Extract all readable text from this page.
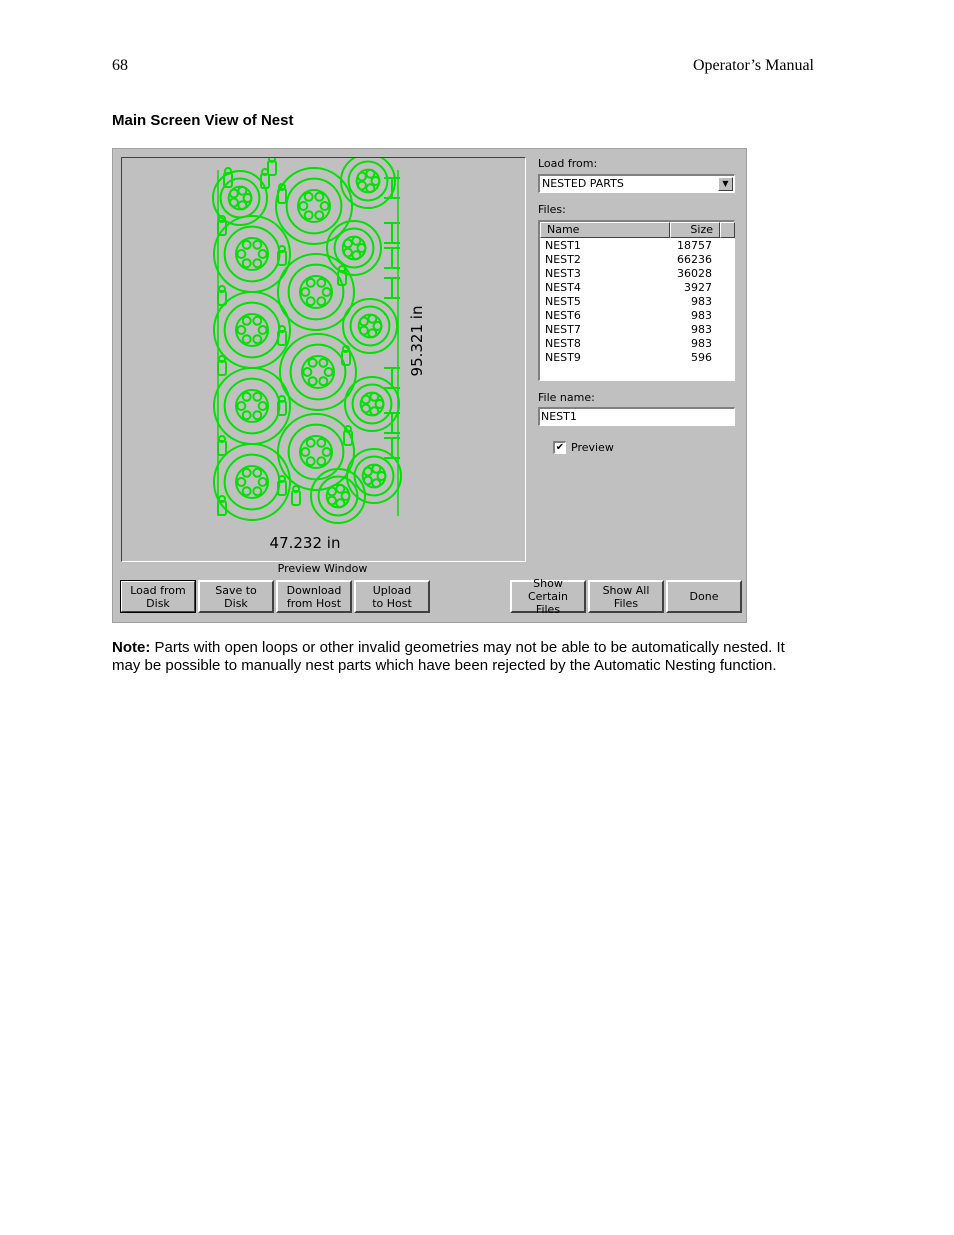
68	Operator’s Manual
Main Screen View of Nest
95.321 in
47.232 in
Preview Window
Load from
Disk
Save to
Disk
Download
from Host
Upload
to Host
Show Certain
Files
Show All
Files	Done
Load from:
NESTED PARTS	▼
Files:
Name	Size
NEST1	18757
NEST2	66236
NEST3	36028
NEST4	3927
NEST5	983
NEST6	983
NEST7	983
NEST8	983
NEST9	596
File name:
NEST1
✔ Preview
Note: Parts with open loops or other invalid geometries may not be able to be automatically nested. It may be possible to manually nest parts which have been rejected by the Automatic Nesting function.
